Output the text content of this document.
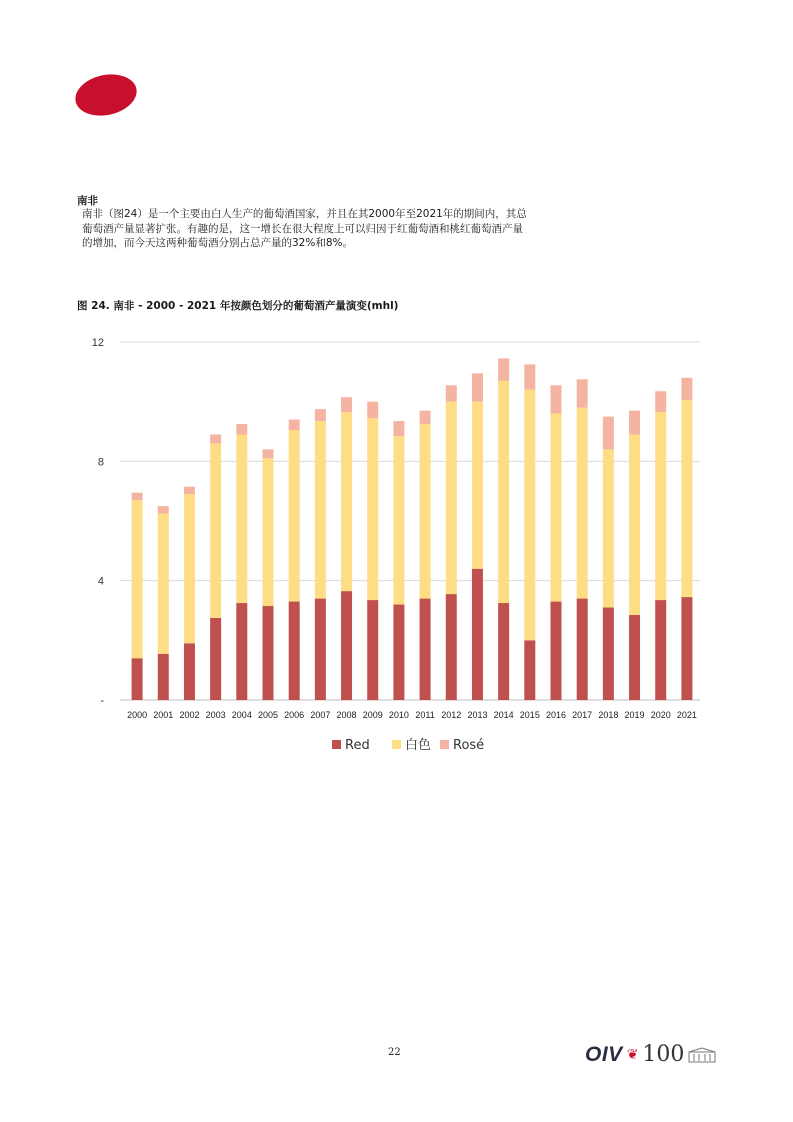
南非
南非（图24）是一个主要由白人生产的葡萄酒国家，并且在其2000年至2021年的期间内，其总
葡萄酒产量显著扩张。有趣的是，这一增长在很大程度上可以归因于红葡萄酒和桃红葡萄酒产量
的增加，而今天这两种葡萄酒分别占总产量的32%和8%。
图 24. 南非 - 2000 - 2021 年按颜色划分的葡萄酒产量演变(mhl)
-
4
8
12
2000 2001 2002 2003 2004 2005 2006 2007 2008 2009 2010 2011 2012 2013 2014 2015 2016 2017 2018 2019 2020 2021
Red	白色 Rosé
22	OIV ❦ 100
